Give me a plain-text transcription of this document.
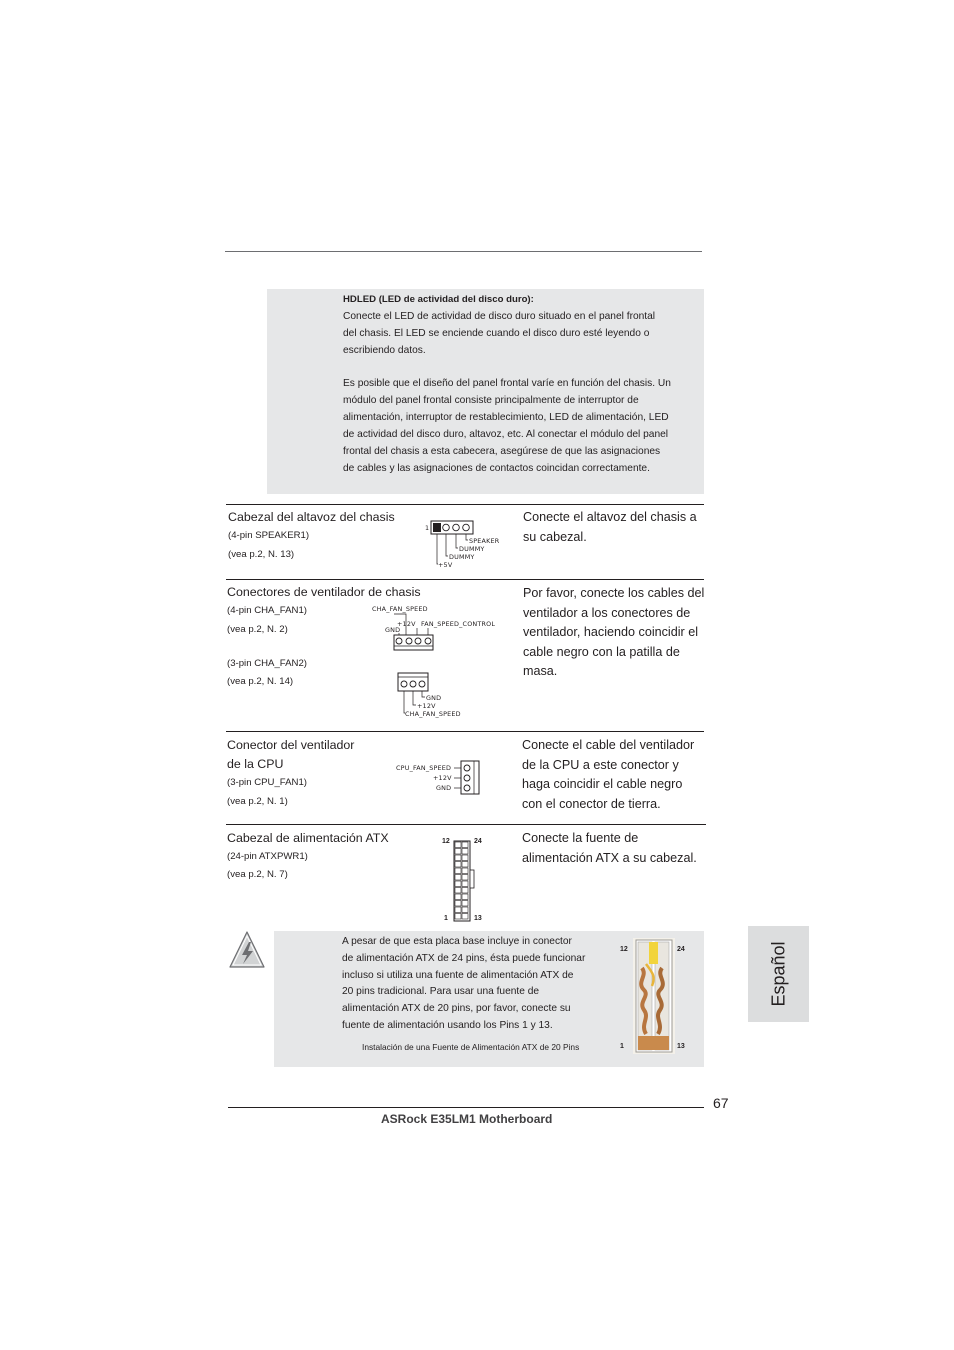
HDLED (LED de actividad del disco duro):
Conecte el LED de actividad de disco duro situado en el panel frontal
del chasis. El LED se enciende cuando el disco duro esté leyendo o
escribiendo datos.
Es posible que el diseño del panel frontal varíe en función del chasis. Un
módulo del panel frontal consiste principalmente de interruptor de
alimentación, interruptor de restablecimiento, LED de alimentación, LED
de actividad del disco duro, altavoz, etc. Al conectar el módulo del panel
frontal del chasis a esta cabecera, asegúrese de que las asignaciones
de cables y las asignaciones de contactos coincidan correctamente.
Cabezal del altavoz del chasis
(4-pin SPEAKER1)
(vea p.2, N. 13)
1
SPEAKER
DUMMY
DUMMY
+5V
Conecte el altavoz del chasis a
su cabezal.
Conectores de ventilador de chasis
(4-pin CHA_FAN1)
(vea p.2, N. 2)
(3-pin CHA_FAN2)
(vea p.2, N. 14)
CHA_FAN_SPEED
+12V FAN_SPEED_CONTROL
GND
GND
+12V
CHA_FAN_SPEED
Por favor, conecte los cables del
ventilador a los conectores de
ventilador, haciendo coincidir el
cable negro con la patilla de
masa.
Conector del ventilador
de la CPU
(3-pin CPU_FAN1)
(vea p.2, N. 1)
CPU_FAN_SPEED
+12V
GND
Conecte el cable del ventilador
de la CPU a este conector y
haga coincidir el cable negro
con el conector de tierra.
Cabezal de alimentación ATX
(24-pin ATXPWR1)
(vea p.2, N. 7)
12	24
1	13
Conecte la fuente de
alimentación ATX a su cabezal.
A pesar de que esta placa base incluye in conector
de alimentación ATX de 24 pins, ésta puede funcionar
incluso si utiliza una fuente de alimentación ATX de
20 pins tradicional. Para usar una fuente de
alimentación ATX de 20 pins, por favor, conecte su
fuente de alimentación usando los Pins 1 y 13.
Instalación de una Fuente de Alimentación ATX de 20 Pins
12	24
1	13
Español
67
ASRock E35LM1 Motherboard
